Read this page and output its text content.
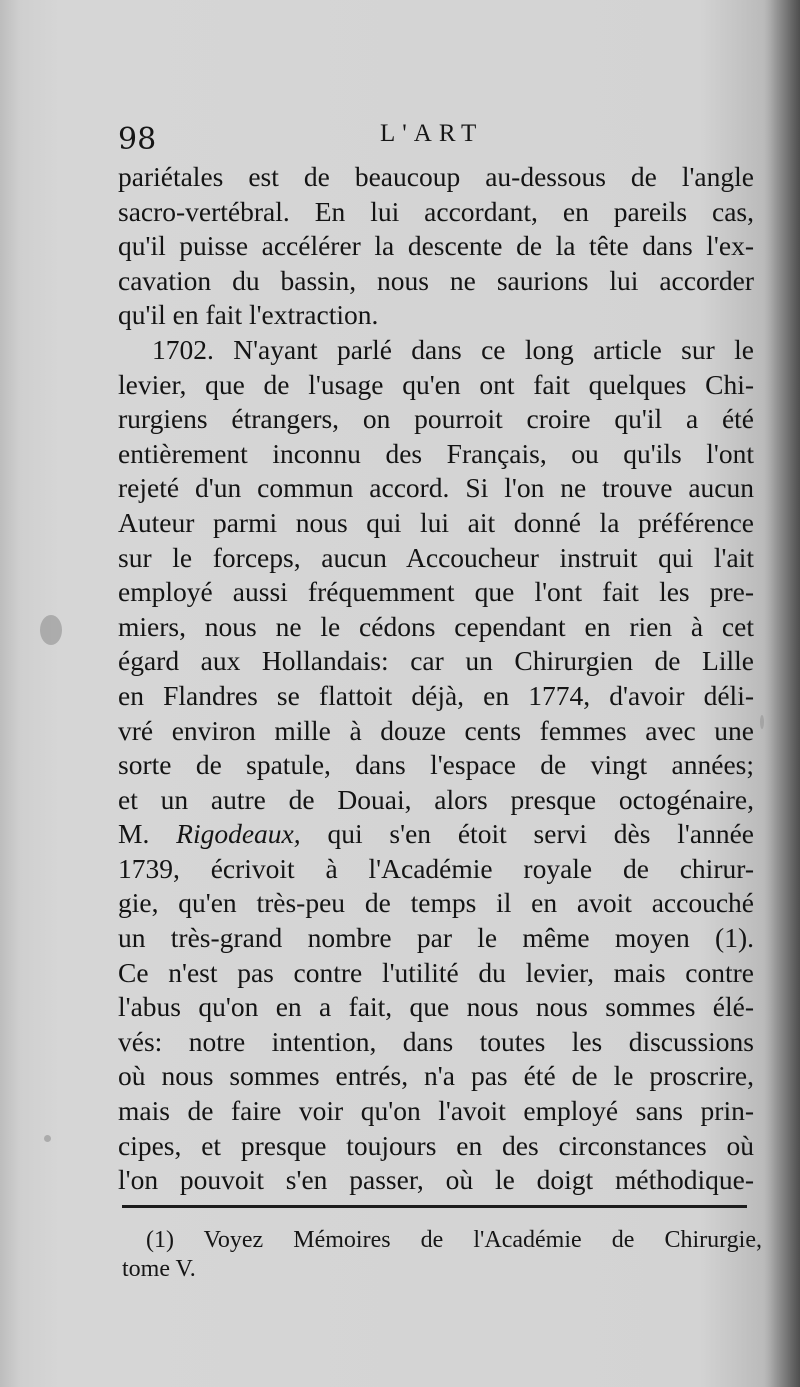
98	L'ART
pariétales est de beaucoup au-dessous de l'angle
sacro-vertébral. En lui accordant, en pareils cas,
qu'il puisse accélérer la descente de la tête dans l'ex-
cavation du bassin, nous ne saurions lui accorder
qu'il en fait l'extraction.
1702. N'ayant parlé dans ce long article sur le
levier, que de l'usage qu'en ont fait quelques Chi-
rurgiens étrangers, on pourroit croire qu'il a été
entièrement inconnu des Français, ou qu'ils l'ont
rejeté d'un commun accord. Si l'on ne trouve aucun
Auteur parmi nous qui lui ait donné la préférence
sur le forceps, aucun Accoucheur instruit qui l'ait
employé aussi fréquemment que l'ont fait les pre-
miers, nous ne le cédons cependant en rien à cet
égard aux Hollandais: car un Chirurgien de Lille
en Flandres se flattoit déjà, en 1774, d'avoir déli-
vré environ mille à douze cents femmes avec une
sorte de spatule, dans l'espace de vingt années;
et un autre de Douai, alors presque octogénaire,
M. Rigodeaux, qui s'en étoit servi dès l'année
1739, écrivoit à l'Académie royale de chirur-
gie, qu'en très-peu de temps il en avoit accouché
un très-grand nombre par le même moyen (1).
Ce n'est pas contre l'utilité du levier, mais contre
l'abus qu'on en a fait, que nous nous sommes élé-
vés: notre intention, dans toutes les discussions
où nous sommes entrés, n'a pas été de le proscrire,
mais de faire voir qu'on l'avoit employé sans prin-
cipes, et presque toujours en des circonstances où
l'on pouvoit s'en passer, où le doigt méthodique-
(1) Voyez Mémoires de l'Académie de Chirurgie,
tome V.
